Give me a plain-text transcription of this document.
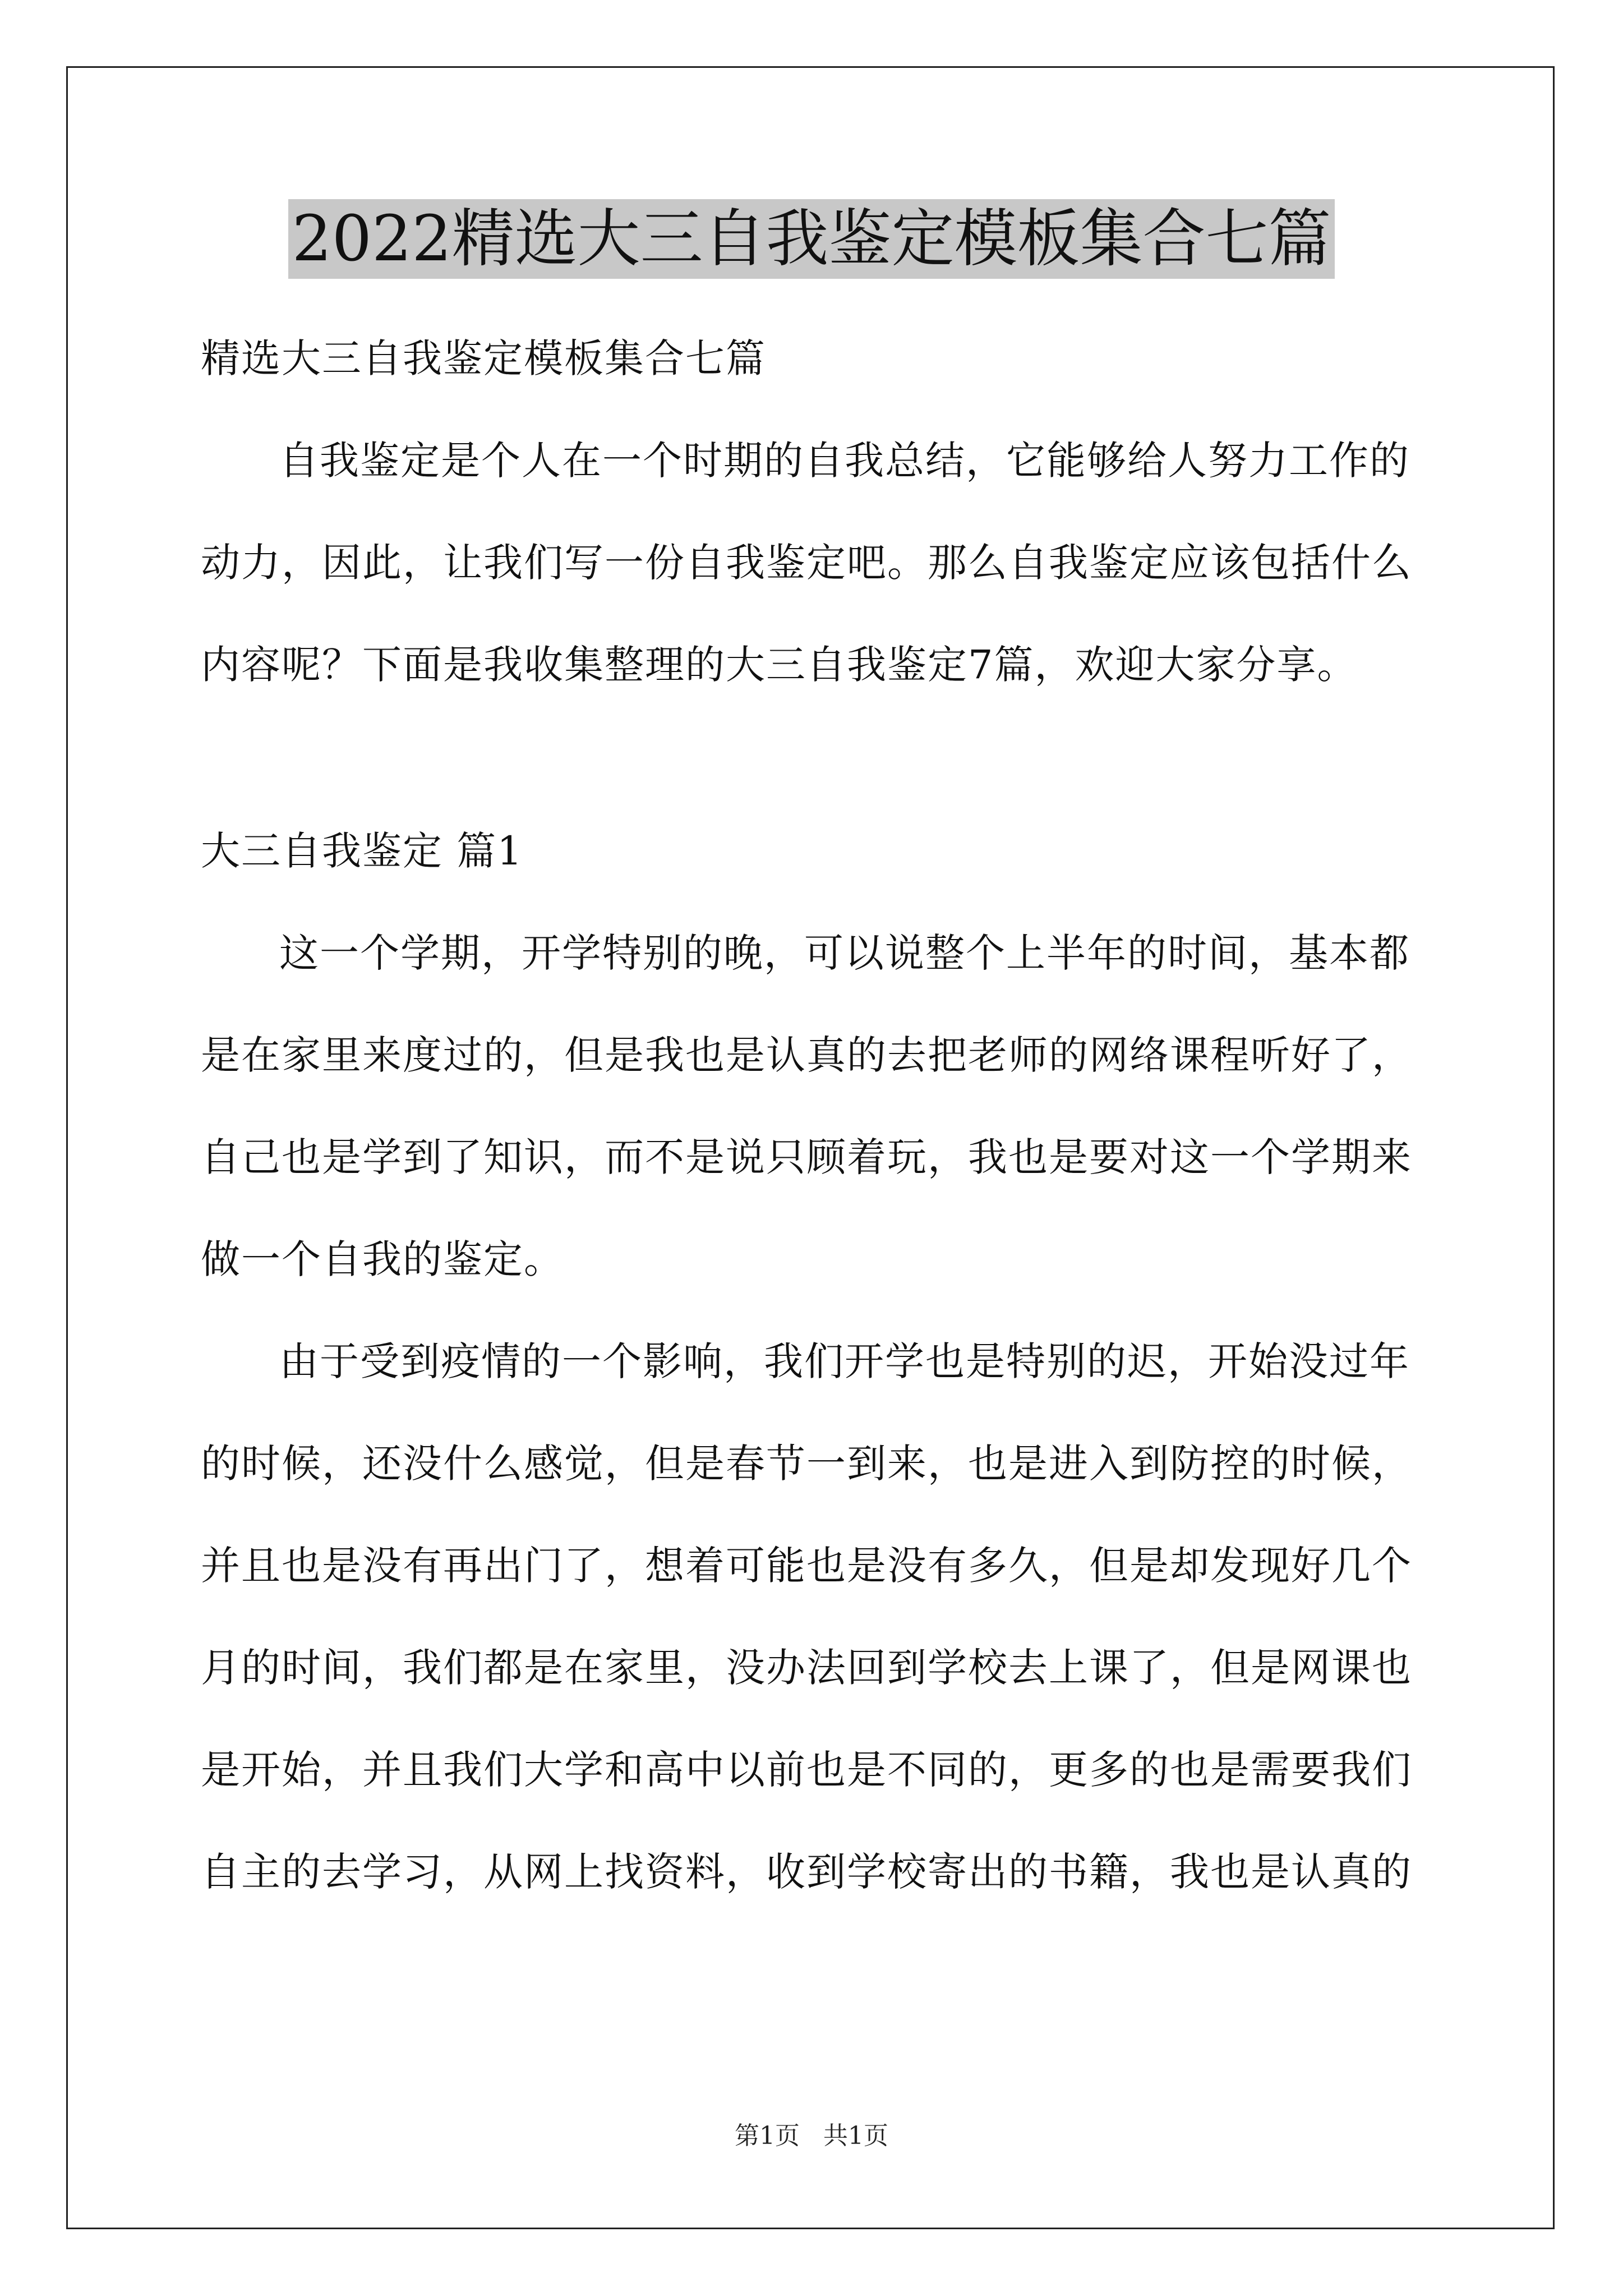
2022精选大三自我鉴定模板集合七篇

精选大三自我鉴定模板集合七篇

自我鉴定是个人在一个时期的自我总结，它能够给人努力工作的

动力，因此，让我们写一份自我鉴定吧。那么自我鉴定应该包括什么

内容呢？下面是我收集整理的大三自我鉴定7篇，欢迎大家分享。

大三自我鉴定 篇1

这一个学期，开学特别的晚，可以说整个上半年的时间，基本都

是在家里来度过的，但是我也是认真的去把老师的网络课程听好了，

自己也是学到了知识，而不是说只顾着玩，我也是要对这一个学期来

做一个自我的鉴定。

由于受到疫情的一个影响，我们开学也是特别的迟，开始没过年

的时候，还没什么感觉，但是春节一到来，也是进入到防控的时候，

并且也是没有再出门了，想着可能也是没有多久，但是却发现好几个

月的时间，我们都是在家里，没办法回到学校去上课了，但是网课也

是开始，并且我们大学和高中以前也是不同的，更多的也是需要我们

自主的去学习，从网上找资料，收到学校寄出的书籍，我也是认真的

第1页   共1页
